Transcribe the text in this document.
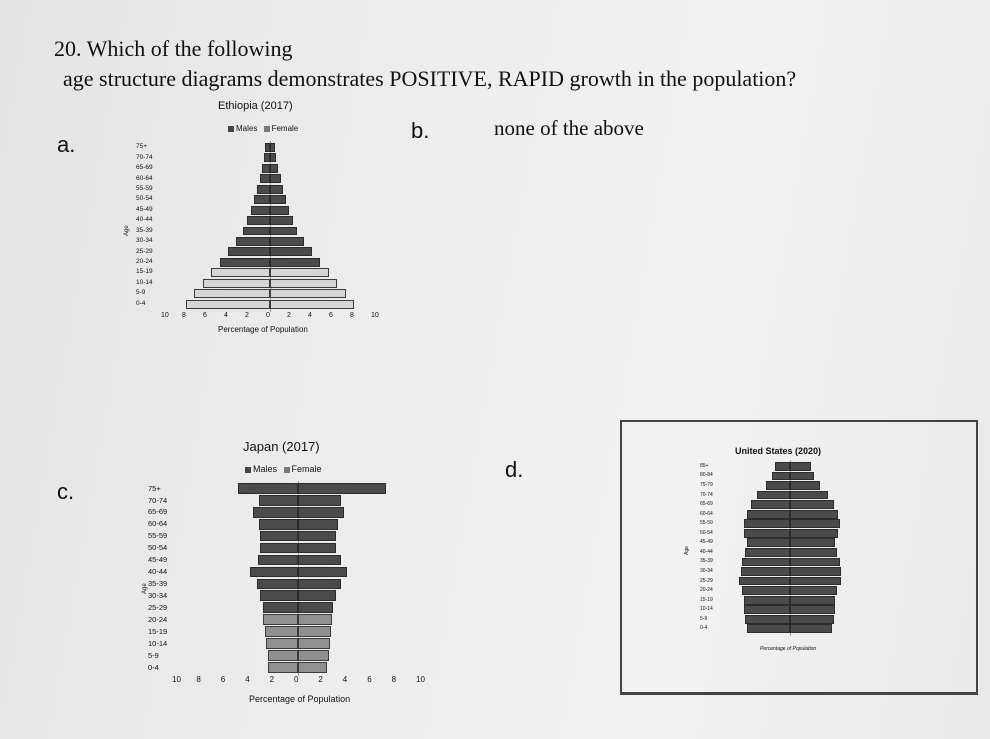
20. Which of the following
age structure diagrams demonstrates POSITIVE, RAPID growth in the population?
a.
b.	none of the above
c.
d.
Ethiopia (2017)
Males Female
Age
Percentage of Population
75+
70-74
65-69
60-64
55-59
50-54
45-49
40-44
35-39
30-34
25-29
20-24
15-19
10-14
5-9
0-4
10 8 6 4 2 0 2 4 6 8 10
Japan (2017)
Males Female
Age
Percentage of Population
75+
70-74
65-69
60-64
55-59
50-54
45-49
40-44
35-39
30-34
25-29
20-24
15-19
10-14
5-9
0-4
10 8 6 4 2 0 2 4 6 8 10
United States (2020)
Age
Percentage of Population
85+
80-84
75-79
70-74
65-69
60-64
55-59
50-54
45-49
40-44
35-39
30-34
25-29
20-24
15-19
10-14
5-9
0-4
